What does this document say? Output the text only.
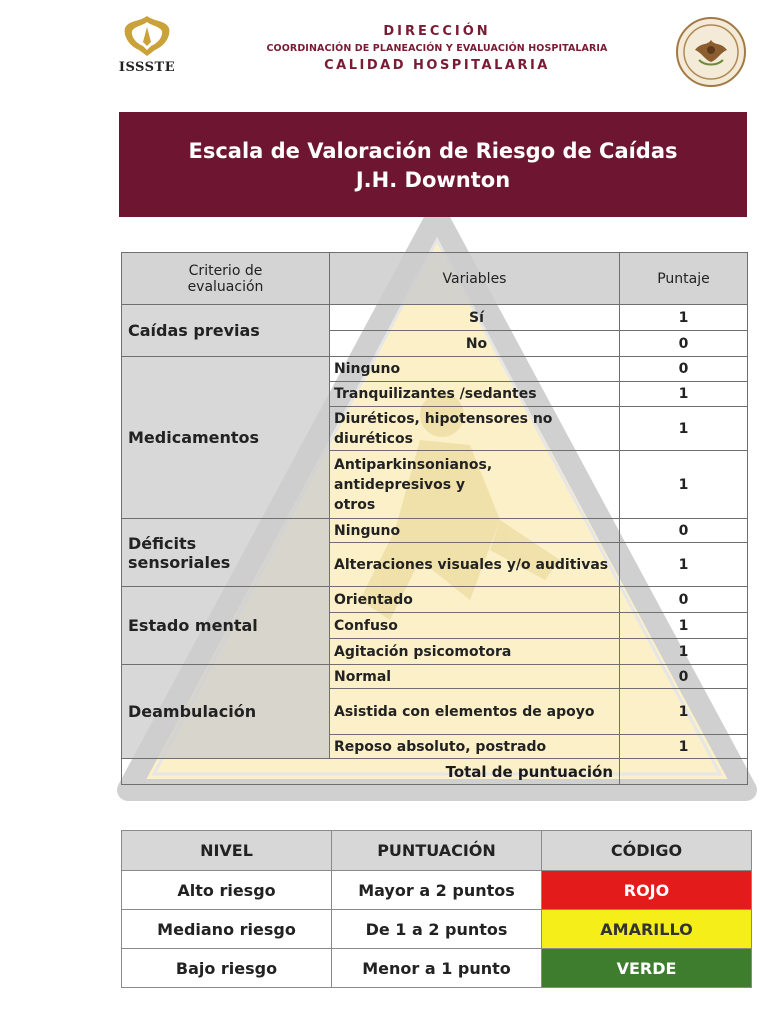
ISSSTE
DIRECCIÓN
COORDINACIÓN DE PLANEACIÓN Y EVALUACIÓN HOSPITALARIA
CALIDAD HOSPITALARIA
Escala de Valoración de Riesgo de Caídas
J.H. Downton
Criterio de evaluación	Variables	Puntaje
Caídas previas	Sí	1
	No	0
Medicamentos	Ninguno	0
	Tranquilizantes /sedantes	1
	Diuréticos, hipotensores no diuréticos	1
	Antiparkinsonianos, antidepresivos y otros	1
Déficits sensoriales	Ninguno	0
	Alteraciones visuales y/o auditivas	1
Estado mental	Orientado	0
	Confuso	1
	Agitación psicomotora	1
Deambulación	Normal	0
	Asistida con elementos de apoyo	1
	Reposo absoluto, postrado	1
Total de puntuación		
NIVEL	PUNTUACIÓN	CÓDIGO
Alto riesgo	Mayor a 2 puntos	ROJO
Mediano riesgo	De 1 a 2 puntos	AMARILLO
Bajo riesgo	Menor a 1 punto	VERDE
